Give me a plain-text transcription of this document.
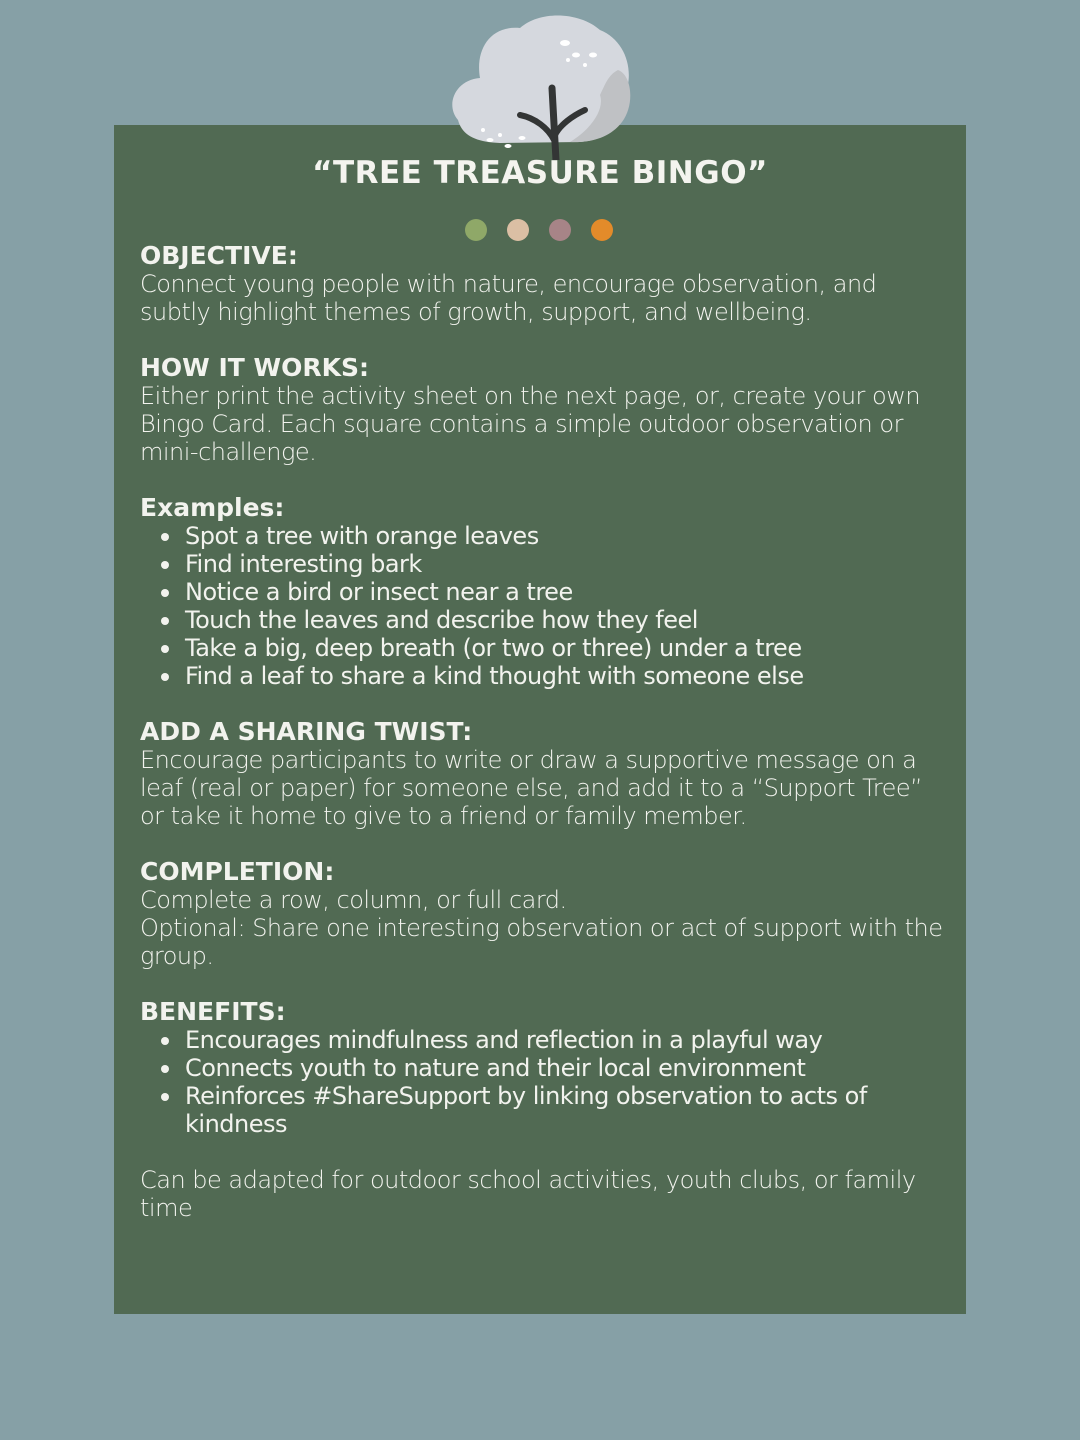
“TREE TREASURE BINGO”
OBJECTIVE:
Connect young people with nature, encourage observation, and subtly highlight themes of growth, support, and wellbeing.
HOW IT WORKS:
Either print the activity sheet on the next page, or, create your own Bingo Card. Each square contains a simple outdoor observation or mini-challenge.
Examples:
Spot a tree with orange leaves
Find interesting bark
Notice a bird or insect near a tree
Touch the leaves and describe how they feel
Take a big, deep breath (or two or three) under a tree
Find a leaf to share a kind thought with someone else
ADD A SHARING TWIST:
Encourage participants to write or draw a supportive message on a leaf (real or paper) for someone else, and add it to a “Support Tree” or take it home to give to a friend or family member.
COMPLETION:
Complete a row, column, or full card.
Optional: Share one interesting observation or act of support with the group.
BENEFITS:
Encourages mindfulness and reflection in a playful way
Connects youth to nature and their local environment
Reinforces #ShareSupport by linking observation to acts of kindness
Can be adapted for outdoor school activities, youth clubs, or family time
